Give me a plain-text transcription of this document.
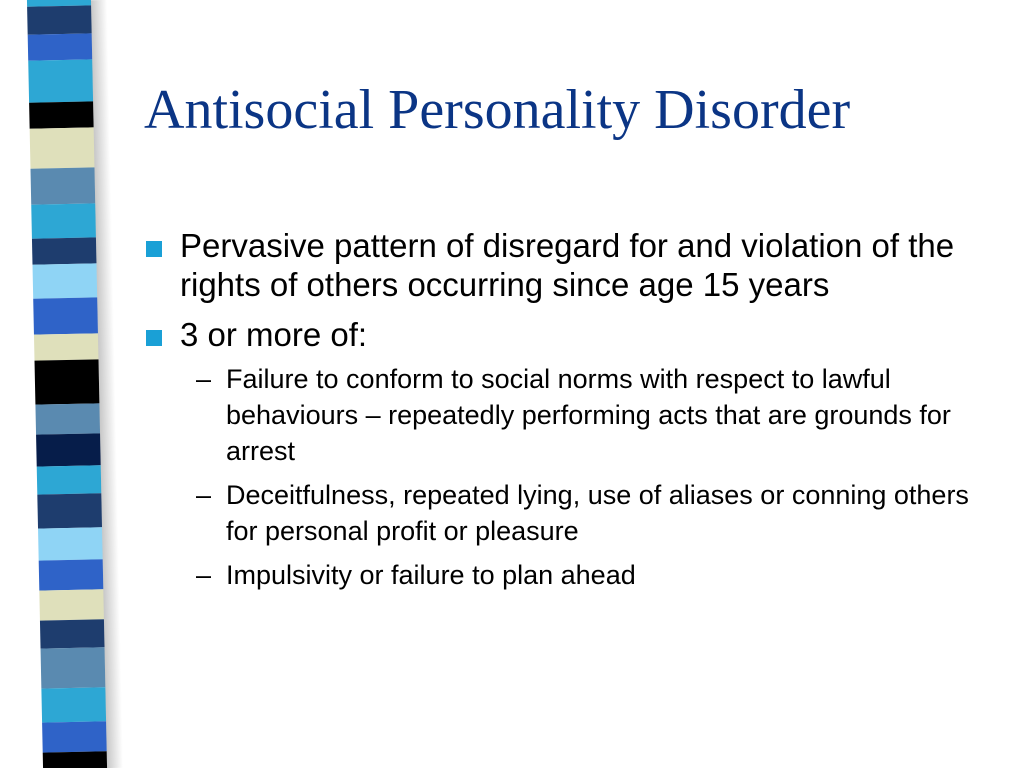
Antisocial Personality Disorder
Pervasive pattern of disregard for and violation of the rights of others occurring since age 15 years
3 or more of:
– Failure to conform to social norms with respect to lawful behaviours – repeatedly performing acts that are grounds for arrest
– Deceitfulness, repeated lying, use of aliases or conning others for personal profit or pleasure
– Impulsivity or failure to plan ahead
